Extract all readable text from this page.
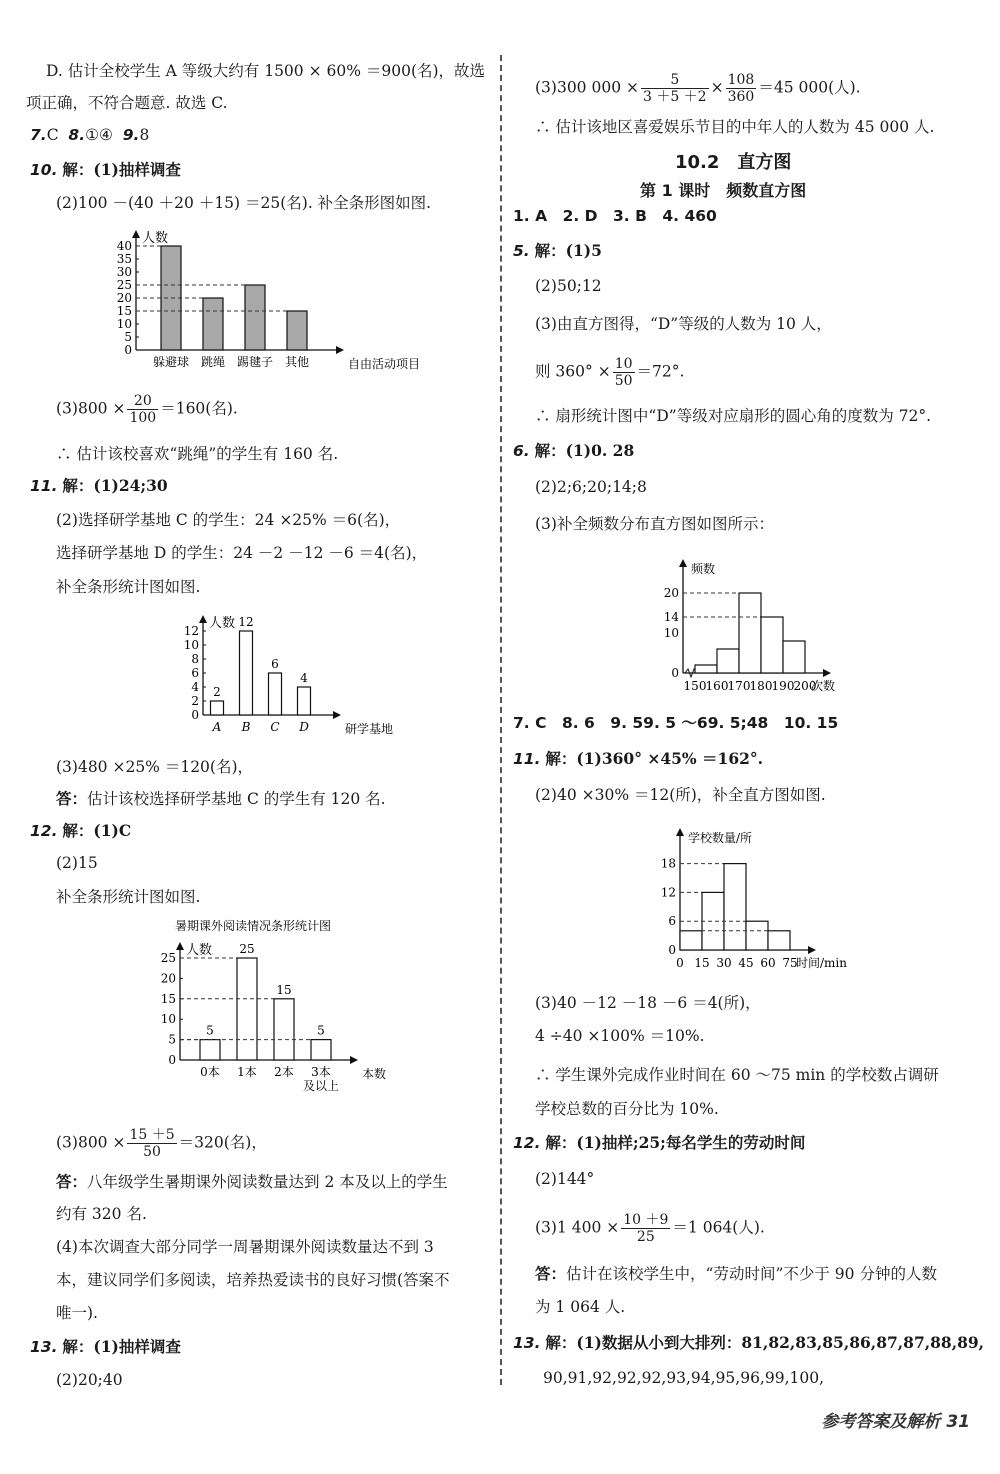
D. 估计全校学生 A 等级大约有 1500 × 60% ＝900(名)，故选
项正确，不符合题意. 故选 C.
7.C 8.①④ 9.8
10. 解：(1)抽样调查
(2)100 －(40 ＋20 ＋15) ＝25(名). 补全条形图如图.
人数
自由活动项目
0
5
10
15
20
25
30
35
40
躲避球 跳绳 踢毽子 其他
$(3)800 \times \frac{20}{100} =160$(名).
∴ 估计该校喜欢“跳绳”的学生有 160 名.
11. 解：(1)24;30
(2)选择研学基地 C 的学生：24 ×25% ＝6(名)，
选择研学基地 D 的学生：24 －2 －12 －6 ＝4(名)，
补全条形统计图如图.
人数
研学基地
0
2
4
6
8
10
12
2
A
12
B
6
C
4
D
(3)480 ×25% ＝120(名)，
答：估计该校选择研学基地 C 的学生有 120 名.
12. 解：(1)C
(2)15
补全条形统计图如图.
人数
本数
暑期课外阅读情况条形统计图
0
5
10
15
20
25
5
0本
25
1本
15
2本
5
3本
及以上
$(3)800 \times \frac{15 +5}{50} =320$(名)，
答：八年级学生暑期课外阅读数量达到 2 本及以上的学生
约有 320 名.
(4)本次调查大部分同学一周暑期课外阅读数量达不到 3
本，建议同学们多阅读，培养热爱读书的良好习惯(答案不
唯一).
13. 解：(1)抽样调查
(2)20;40
(3)300 $000 \times \frac{5}{3 +5 +2} \times \frac{108}{360} =45$ 000(人).
∴ 估计该地区喜爱娱乐节目的中年人的人数为 45 000 人.
10.2　直方图
第 1 课时　频数直方图
1. A　2. D　3. B　4. 460
5. 解：(1)5
(2)50;12
(3)由直方图得，“D”等级的人数为 10 人，
则 $360^\circ \times \frac{10}{50} =72^\circ$.
∴ 扇形统计图中“D”等级对应扇形的圆心角的度数为 72°.
6. 解：(1)0. 28
(2)2;6;20;14;8
(3)补全频数分布直方图如图所示：
频数
次数
0
10
14
20
150 160 170 180 190 200
7. C　8. 6　9. 59. 5 ～69. 5;48　10. 15
11. 解：(1)360° ×45% ＝162°.
(2)40 ×30% ＝12(所)，补全直方图如图.
学校数量/所
时间/min
0
6
12
18
0 15 30 45 60 75
(3)40 －12 －18 －6 ＝4(所)，
4 ÷40 ×100% ＝10%.
∴ 学生课外完成作业时间在 60 ～75 min 的学校数占调研
学校总数的百分比为 10%.
12. 解：(1)抽样;25;每名学生的劳动时间
(2)144°
(3)1 $400 \times \frac{10 +9}{25} =1$ 064(人).
答：估计在该校学生中，“劳动时间”不少于 90 分钟的人数
为 1 064 人.
13. 解：(1)数据从小到大排列：81,82,83,85,86,87,87,88,89,
90,91,92,92,92,93,94,95,96,99,100,
参考答案及解析 31
